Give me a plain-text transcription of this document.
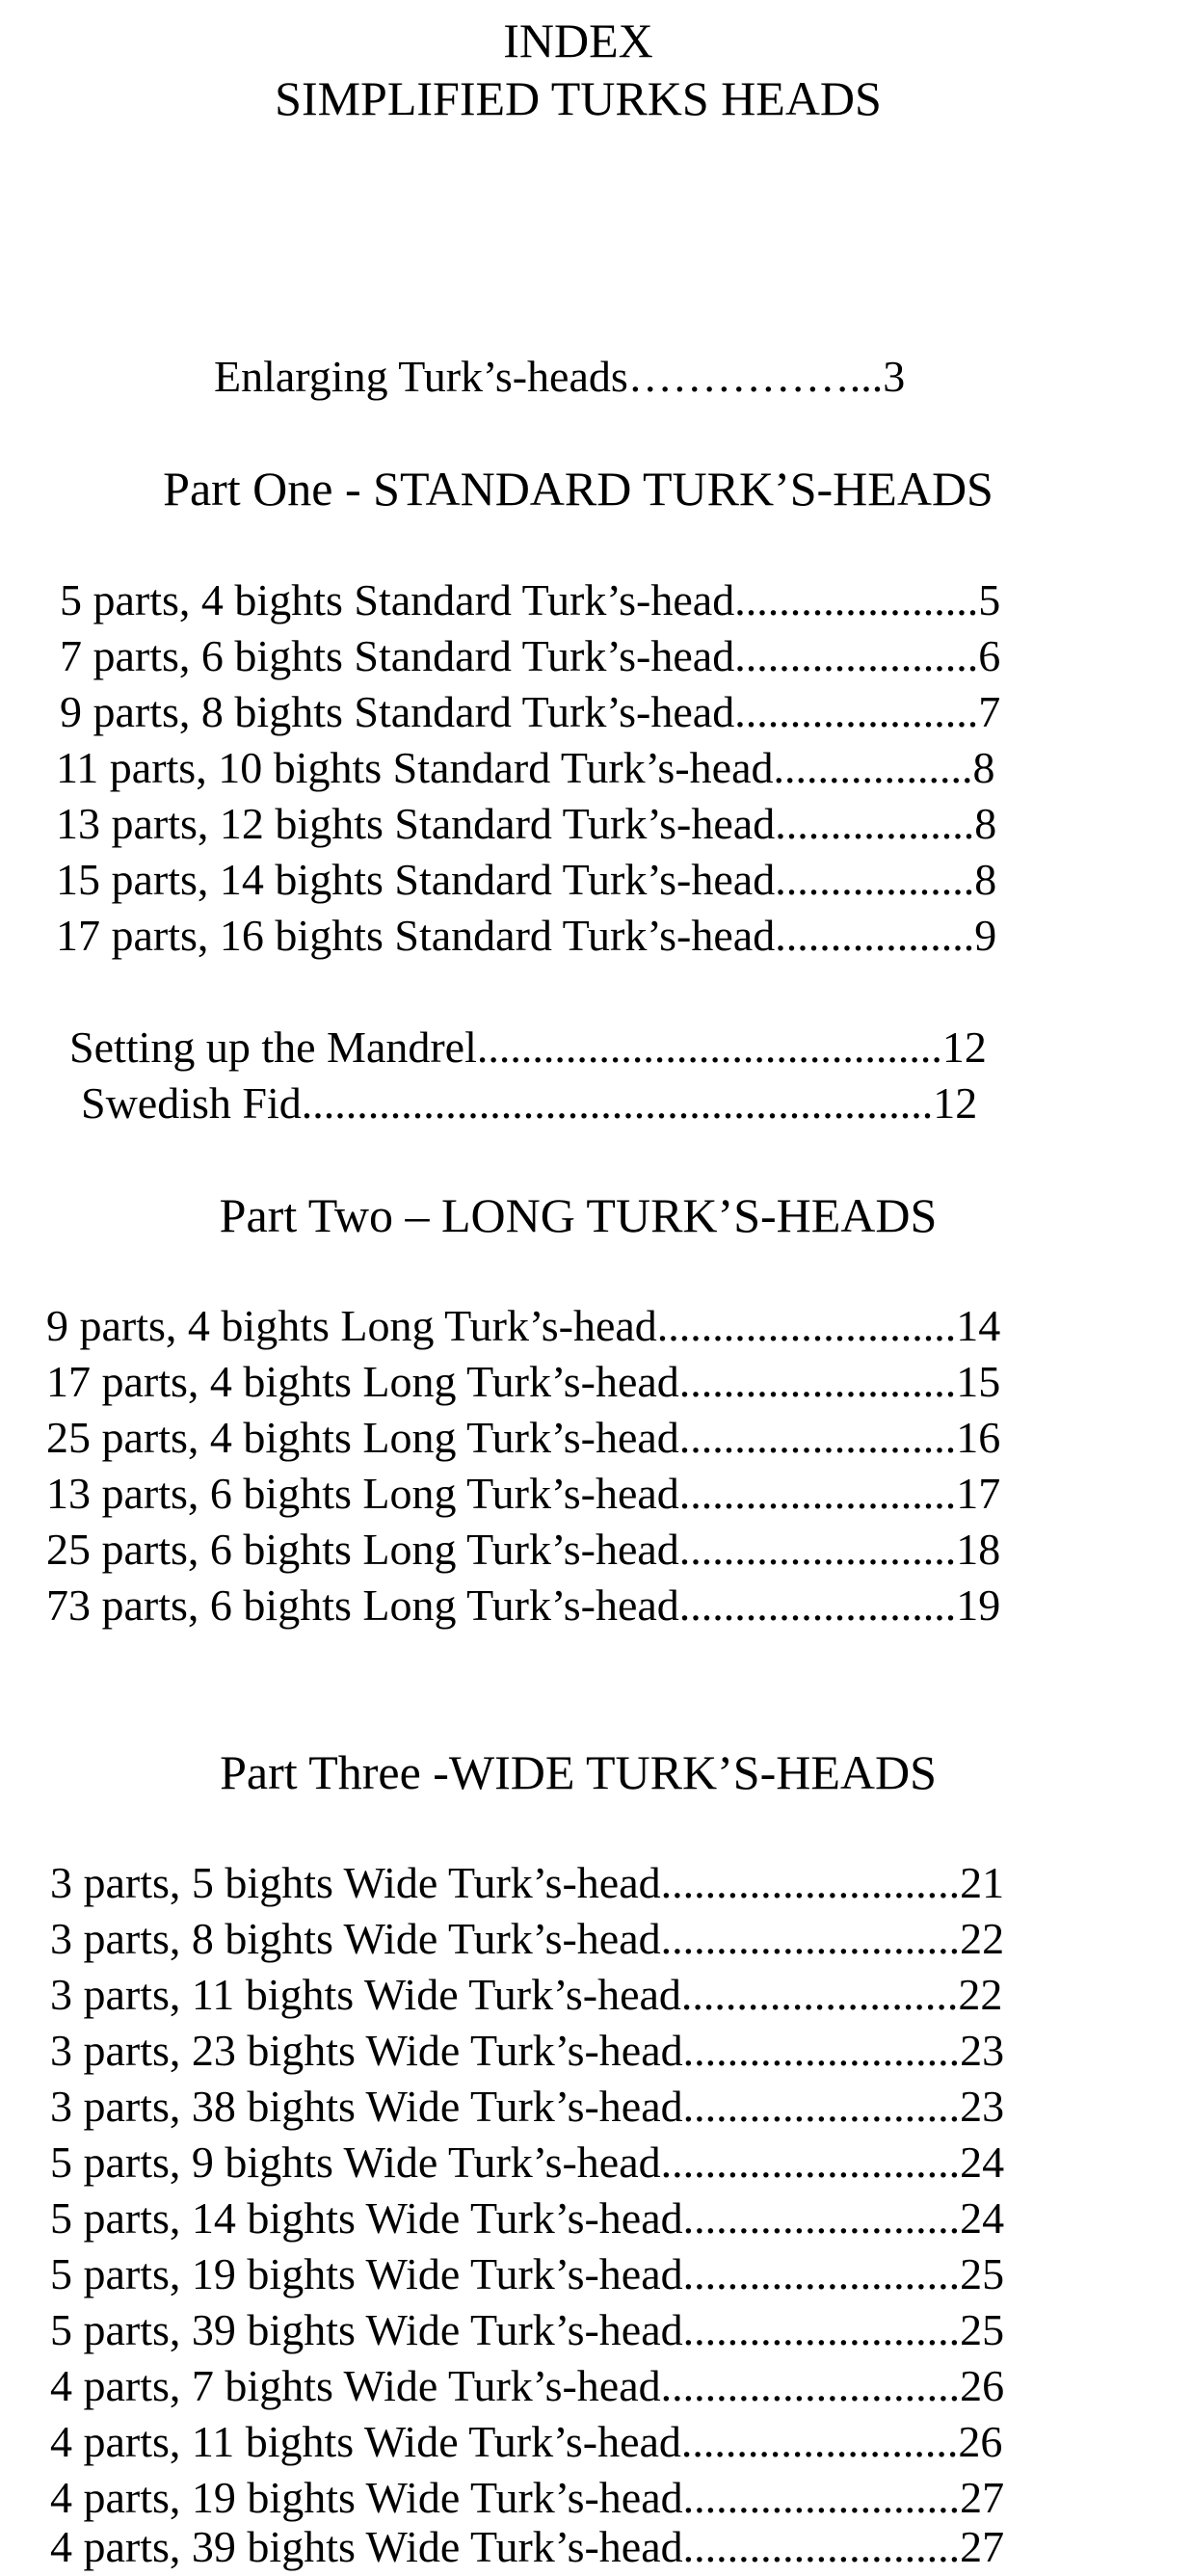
INDEX
SIMPLIFIED TURKS HEADS
Enlarging Turk’s-heads……………...3
Part One - STANDARD TURK’S-HEADS
5 parts, 4 bights Standard Turk’s-head......................5
7 parts, 6 bights Standard Turk’s-head......................6
9 parts, 8 bights Standard Turk’s-head......................7
11 parts, 10 bights Standard Turk’s-head..................8
13 parts, 12 bights Standard Turk’s-head..................8
15 parts, 14 bights Standard Turk’s-head..................8
17 parts, 16 bights Standard Turk’s-head..................9
Setting up the Mandrel..........................................12
Swedish Fid.........................................................12
Part Two – LONG TURK’S-HEADS
9 parts, 4 bights Long Turk’s-head...........................14
17 parts, 4 bights Long Turk’s-head.........................15
25 parts, 4 bights Long Turk’s-head.........................16
13 parts, 6 bights Long Turk’s-head.........................17
25 parts, 6 bights Long Turk’s-head.........................18
73 parts, 6 bights Long Turk’s-head.........................19
Part Three -WIDE TURK’S-HEADS
3 parts, 5 bights Wide Turk’s-head...........................21
3 parts, 8 bights Wide Turk’s-head...........................22
3 parts, 11 bights Wide Turk’s-head.........................22
3 parts, 23 bights Wide Turk’s-head.........................23
3 parts, 38 bights Wide Turk’s-head.........................23
5 parts, 9 bights Wide Turk’s-head...........................24
5 parts, 14 bights Wide Turk’s-head.........................24
5 parts, 19 bights Wide Turk’s-head.........................25
5 parts, 39 bights Wide Turk’s-head.........................25
4 parts, 7 bights Wide Turk’s-head...........................26
4 parts, 11 bights Wide Turk’s-head.........................26
4 parts, 19 bights Wide Turk’s-head.........................27
4 parts, 39 bights Wide Turk’s-head.........................27
